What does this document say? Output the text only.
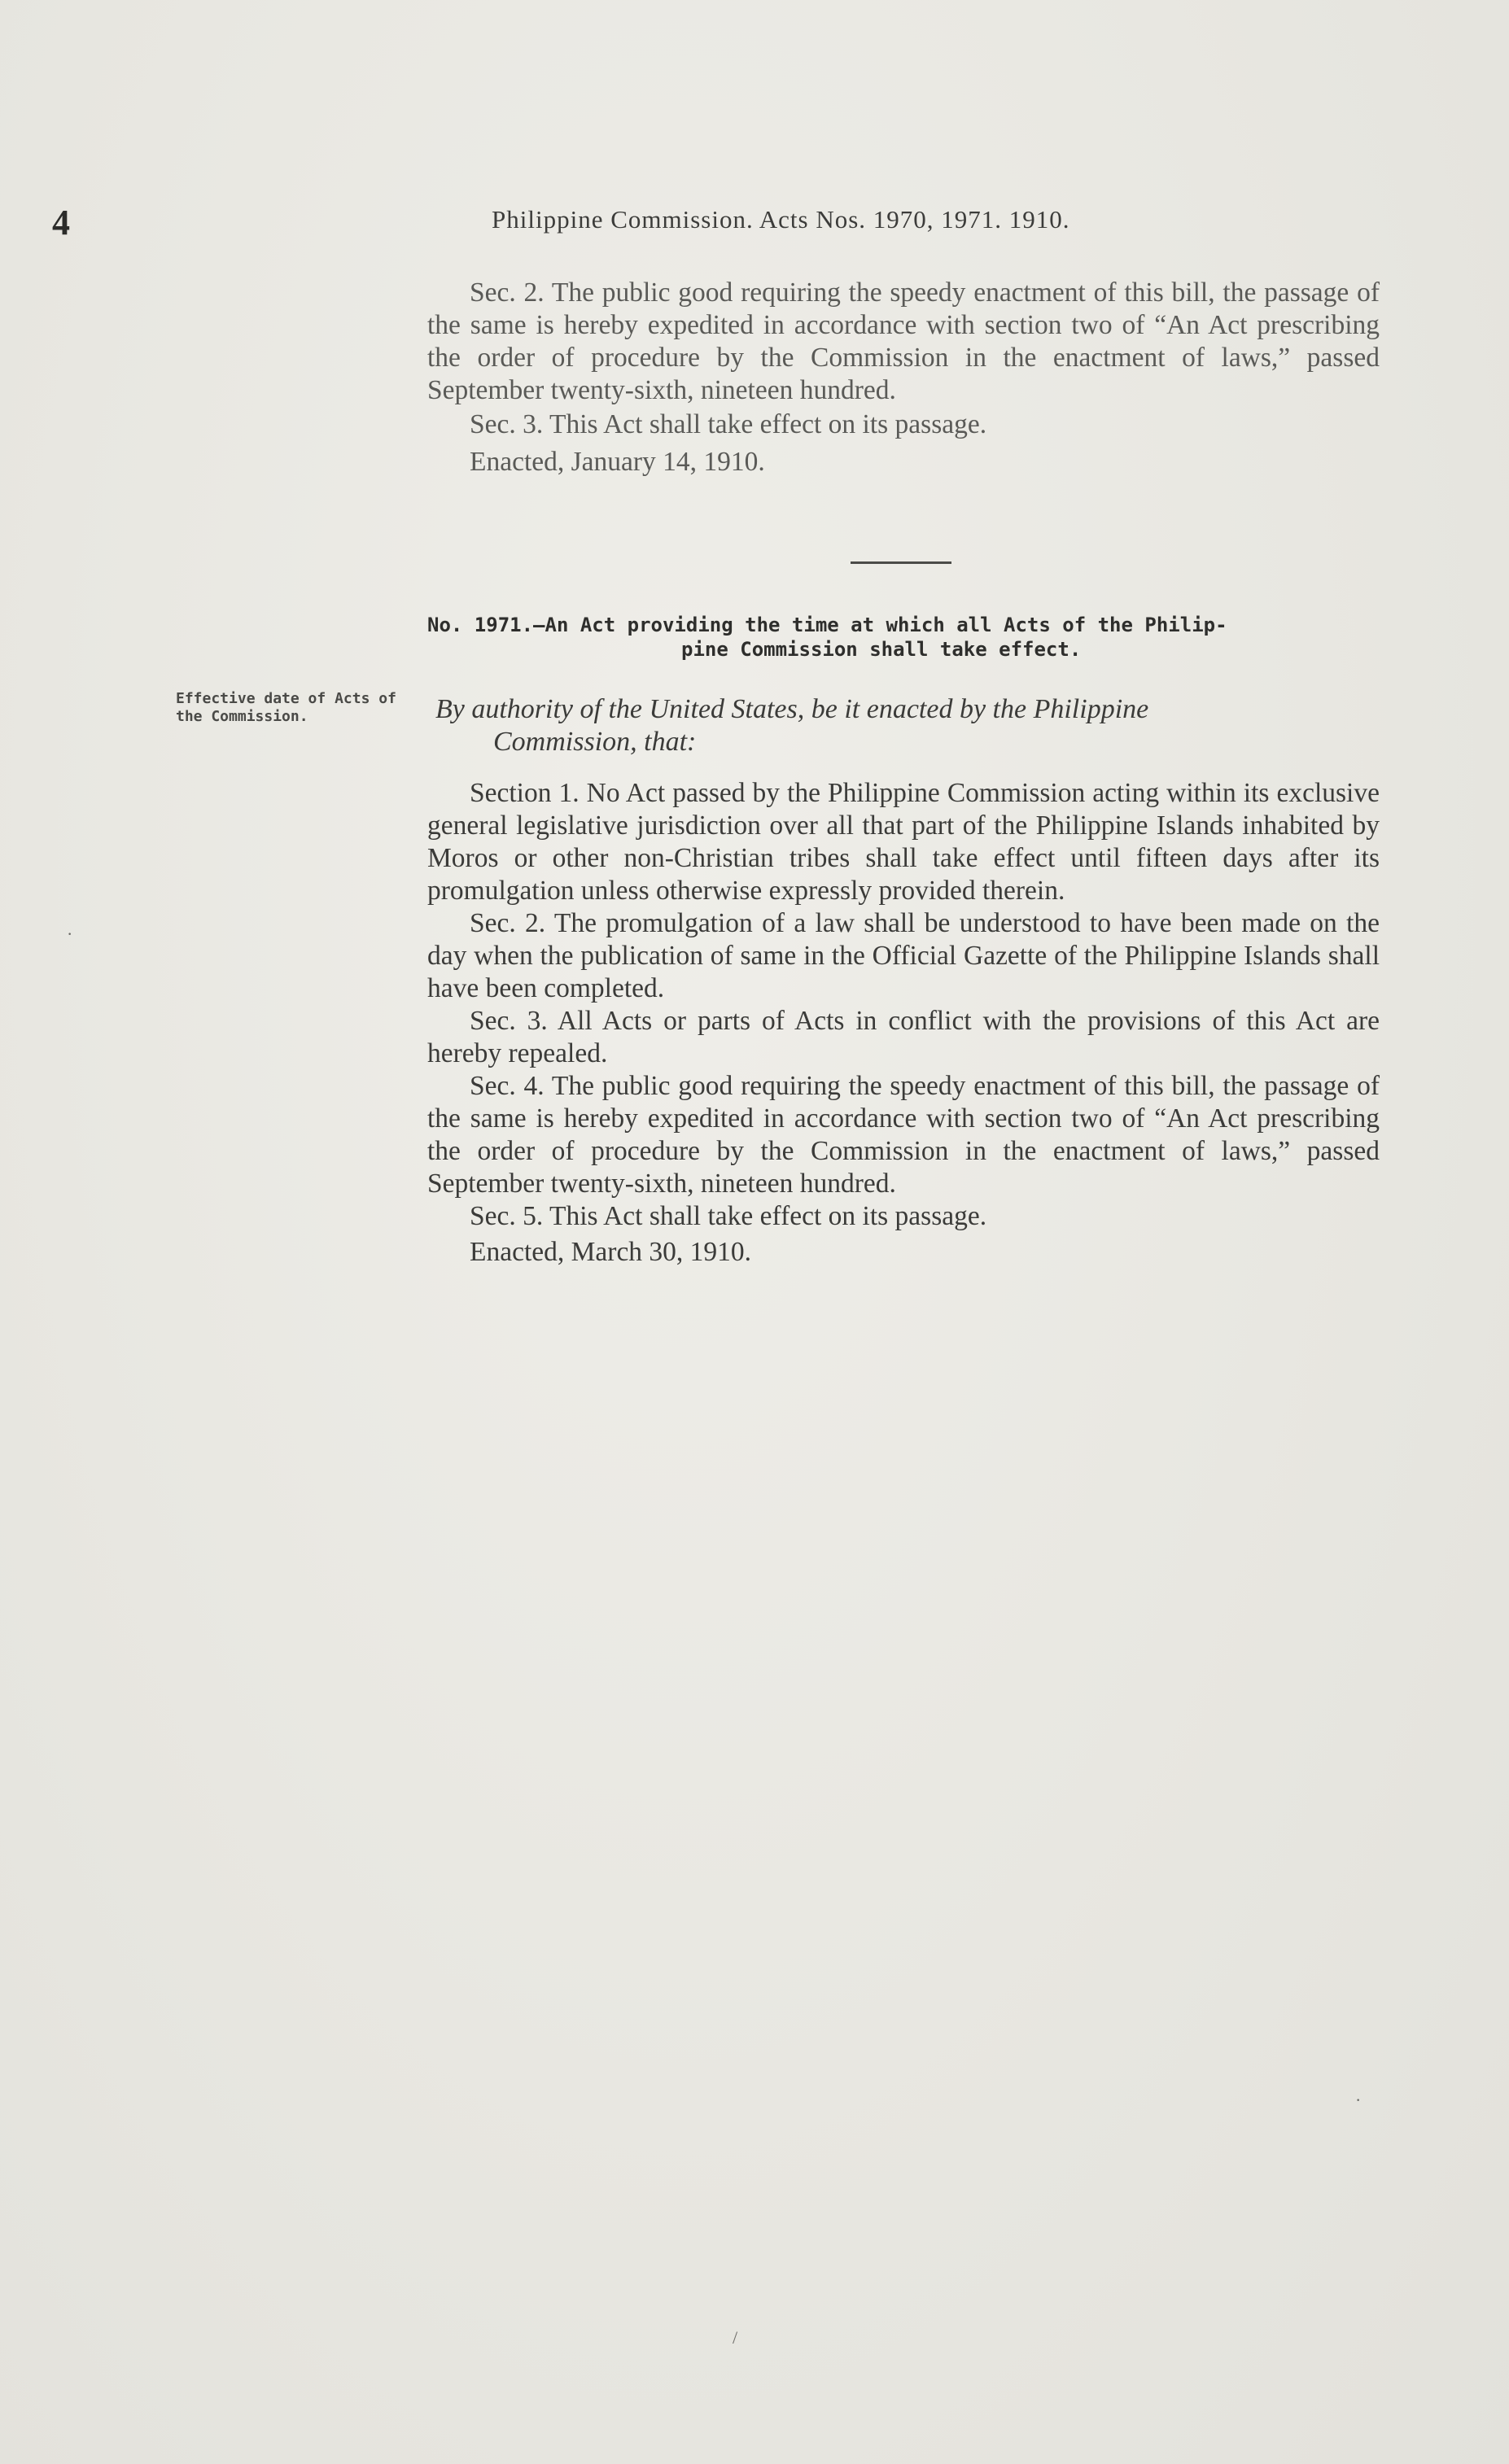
4	Philippine Commission. Acts Nos. 1970, 1971. 1910.

Sec. 2. The public good requiring the speedy enactment of this bill, the passage of the same is hereby expedited in accordance with section two of “An Act prescribing the order of procedure by the Commission in the enactment of laws,” passed September twenty-sixth, nineteen hundred.

Sec. 3. This Act shall take effect on its passage.

Enacted, January 14, 1910.

No. 1971.—An Act providing the time at which all Acts of the Philip-
pine Commission shall take effect.
Effective date of Acts of the Commission.	By authority of the United States, be it enacted by the Philippine
Commission, that:

Section 1. No Act passed by the Philippine Commission acting within its exclusive general legislative jurisdiction over all that part of the Philippine Islands inhabited by Moros or other non-Christian tribes shall take effect until fifteen days after its promulgation unless otherwise expressly provided therein.

Sec. 2. The promulgation of a law shall be understood to have been made on the day when the publication of same in the Official Gazette of the Philippine Islands shall have been completed.

Sec. 3. All Acts or parts of Acts in conflict with the provisions of this Act are hereby repealed.

Sec. 4. The public good requiring the speedy enactment of this bill, the passage of the same is hereby expedited in accordance with section two of “An Act prescribing the order of procedure by the Commission in the enactment of laws,” passed September twenty-sixth, nineteen hundred.

Sec. 5. This Act shall take effect on its passage.

Enacted, March 30, 1910.

·
·
/
